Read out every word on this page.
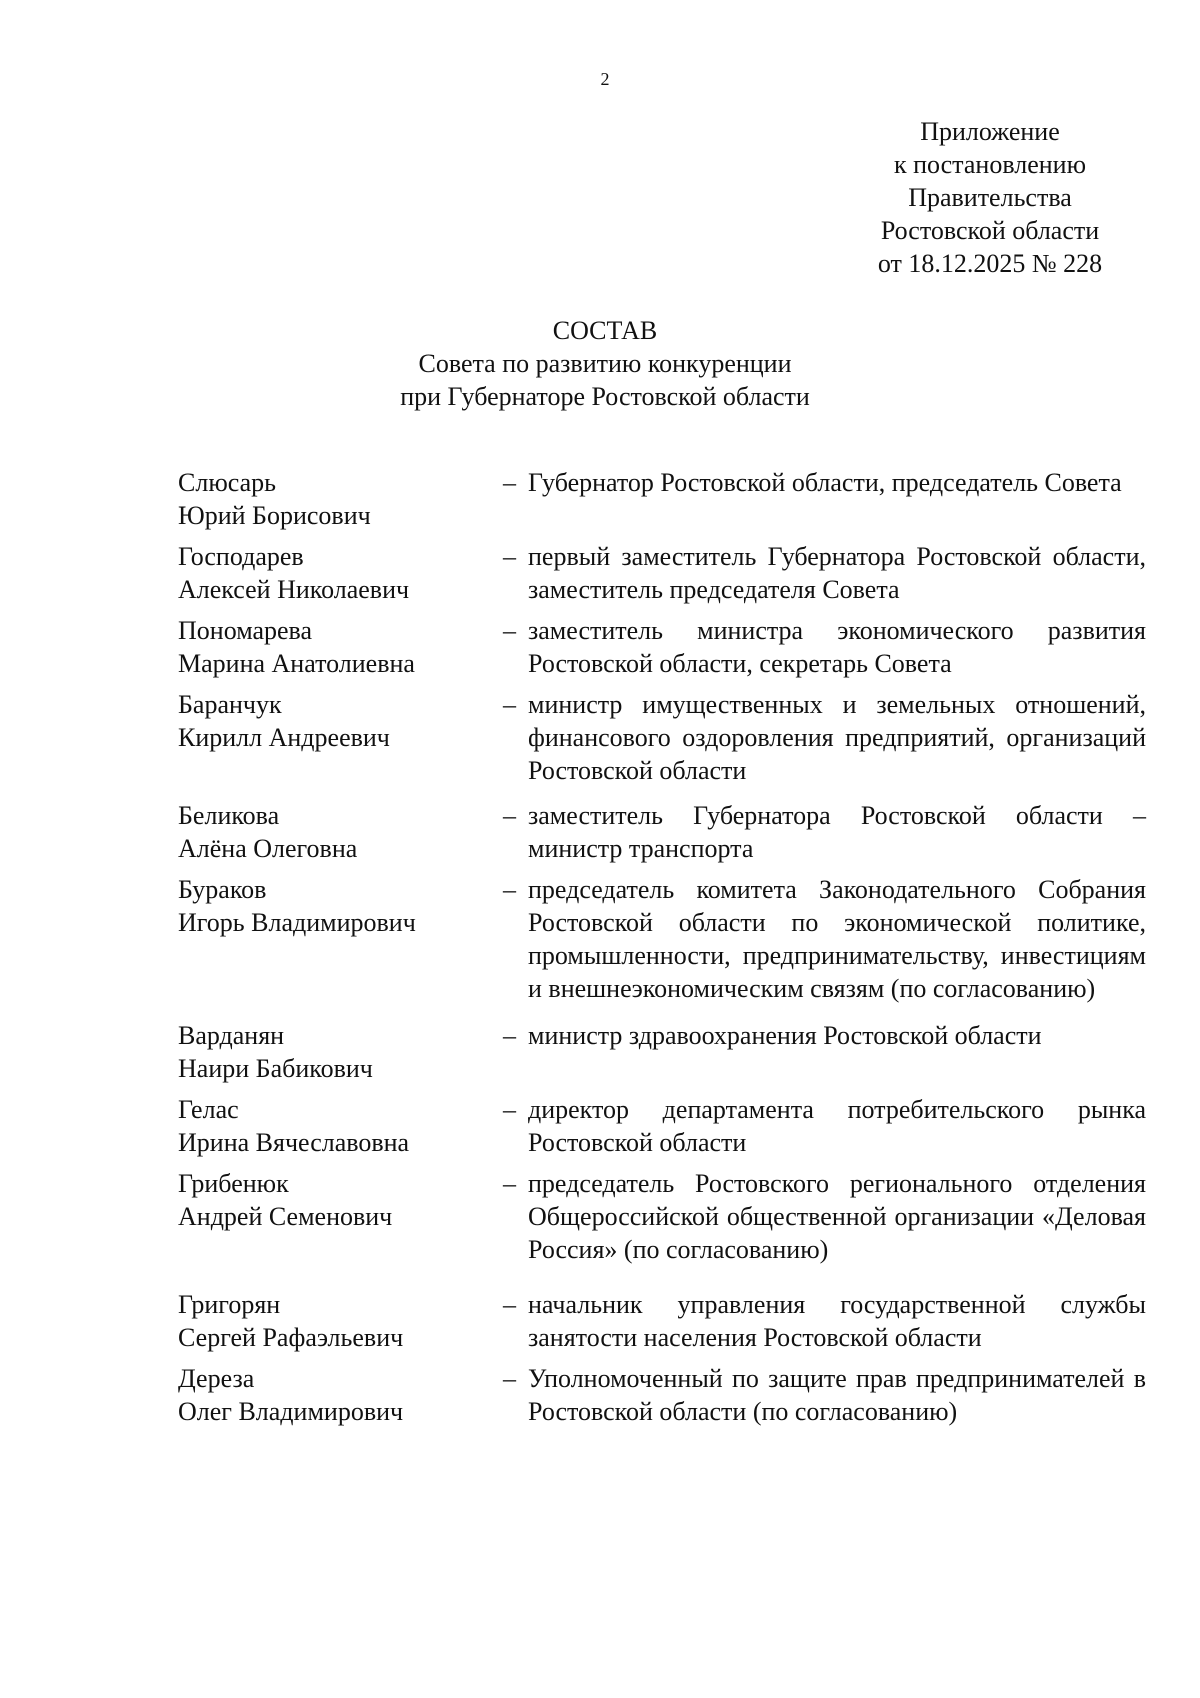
2
Приложение
к постановлению
Правительства
Ростовской области
от 18.12.2025 № 228
СОСТАВ
Совета по развитию конкуренции
при Губернаторе Ростовской области
Слюсарь
Юрий Борисович
– Губернатор Ростовской области, председатель Совета
Господарев
Алексей Николаевич
– первый заместитель Губернатора Ростовской области, заместитель председателя Совета
Пономарева
Марина Анатолиевна
– заместитель министра экономического развития Ростовской области, секретарь Совета
Баранчук
Кирилл Андреевич
– министр имущественных и земельных отношений, финансового оздоровления предприятий, организаций Ростовской области
Беликова
Алёна Олеговна
– заместитель Губернатора Ростовской области – министр транспорта
Бураков
Игорь Владимирович
– председатель комитета Законодательного Собрания Ростовской области по экономической политике, промышленности, предпринимательству, инвестициям и внешнеэкономическим связям (по согласованию)
Варданян
Наири Бабикович
– министр здравоохранения Ростовской области
Гелас
Ирина Вячеславовна
– директор департамента потребительского рынка Ростовской области
Грибенюк
Андрей Семенович
– председатель Ростовского регионального отделения Общероссийской общественной организации «Деловая Россия» (по согласованию)
Григорян
Сергей Рафаэльевич
– начальник управления государственной службы занятости населения Ростовской области
Дереза
Олег Владимирович
– Уполномоченный по защите прав предпринимателей в Ростовской области (по согласованию)
